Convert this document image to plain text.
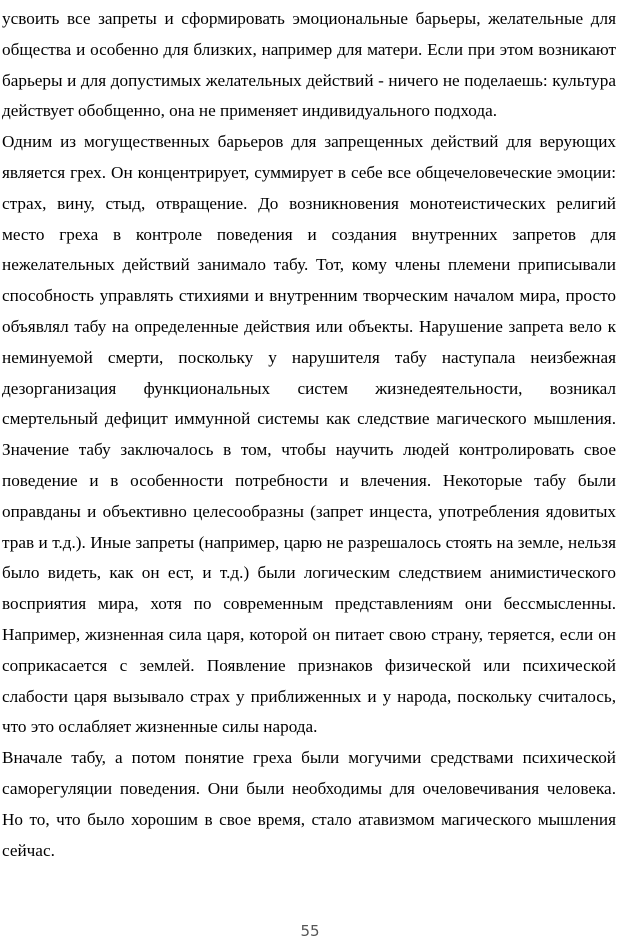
усвоить все запреты и сформировать эмоциональные барьеры, желательные для общества и особенно для близких, например для матери. Если при этом возникают барьеры и для допустимых желательных действий - ничего не поделаешь: культура действует обобщенно, она не применяет индивидуального подхода.

Одним из могущественных барьеров для запрещенных действий для верующих является грех. Он концентрирует, суммирует в себе все общечеловеческие эмоции: страх, вину, стыд, отвращение. До возникновения монотеистических религий место греха в контроле поведения и создания внутренних запретов для нежелательных действий занимало табу. Тот, кому члены племени приписывали способность управлять стихиями и внутренним творческим началом мира, просто объявлял табу на определенные действия или объекты. Нарушение запрета вело к неминуемой смерти, поскольку у нарушителя табу наступала неизбежная дезорганизация функциональных систем жизнедеятельности, возникал смертельный дефицит иммунной системы как следствие магического мышления. Значение табу заключалось в том, чтобы научить людей контролировать свое поведение и в особенности потребности и влечения. Некоторые табу были оправданы и объективно целесообразны (запрет инцеста, употребления ядовитых трав и т.д.). Иные запреты (например, царю не разрешалось стоять на земле, нельзя было видеть, как он ест, и т.д.) были логическим следствием анимистического восприятия мира, хотя по современным представлениям они бессмысленны. Например, жизненная сила царя, которой он питает свою страну, теряется, если он соприкасается с землей. Появление признаков физической или психической слабости царя вызывало страх у приближенных и у народа, поскольку считалось, что это ослабляет жизненные силы народа.

Вначале табу, а потом понятие греха были могучими средствами психической саморегуляции поведения. Они были необходимы для очеловечивания человека. Но то, что было хорошим в свое время, стало атавизмом магического мышления сейчас.

55
